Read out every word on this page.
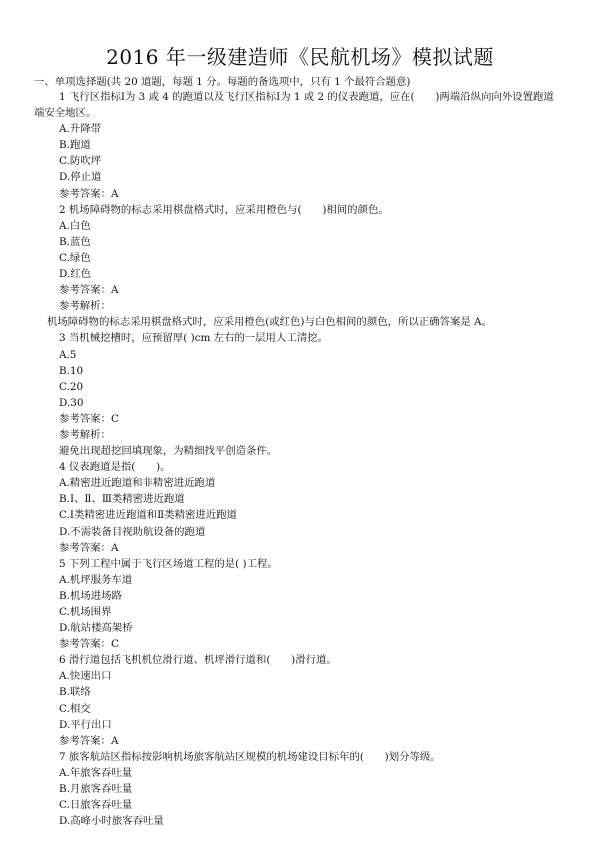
2016 年一级建造师《民航机场》模拟试题
一、单项选择题(共 20 道题，每题 1 分。每题的备选项中，只有 1 个最符合题意)
1 飞行区指标Ⅰ为 3 或 4 的跑道以及飞行区指标Ⅰ为 1 或 2 的仪表跑道，应在(　　)两端沿纵向向外设置跑道
端安全地区。
A.升降带
B.跑道
C.防吹坪
D.停止道
参考答案：A
2 机场障碍物的标志采用棋盘格式时，应采用橙色与(　　)相间的颜色。
A.白色
B.蓝色
C.绿色
D.红色
参考答案：A
参考解析：
机场障碍物的标志采用棋盘格式时，应采用橙色(或红色)与白色相间的颜色，所以正确答案是 A。
3 当机械挖槽时，应预留厚( )cm 左右的一层用人工清挖。
A.5
B.10
C.20
D.30
参考答案：C
参考解析：
避免出现超挖回填现象，为精细找平创造条件。
4 仪表跑道是指(　　)。
A.精密进近跑道和非精密进近跑道
B.Ⅰ、Ⅱ、Ⅲ类精密进近跑道
C.Ⅰ类精密进近跑道和Ⅱ类精密进近跑道
D.不需装备目视助航设备的跑道
参考答案：A
5 下列工程中属于飞行区场道工程的是( )工程。
A.机坪服务车道
B.机场进场路
C.机场围界
D.航站楼高架桥
参考答案：C
6 滑行道包括飞机机位滑行道、机坪滑行道和(　　)滑行道。
A.快速出口
B.联络
C.相交
D.平行出口
参考答案：A
7 旅客航站区指标按影响机场旅客航站区规模的机场建设目标年的(　　)划分等级。
A.年旅客吞吐量
B.月旅客吞吐量
C.日旅客吞吐量
D.高峰小时旅客吞吐量
